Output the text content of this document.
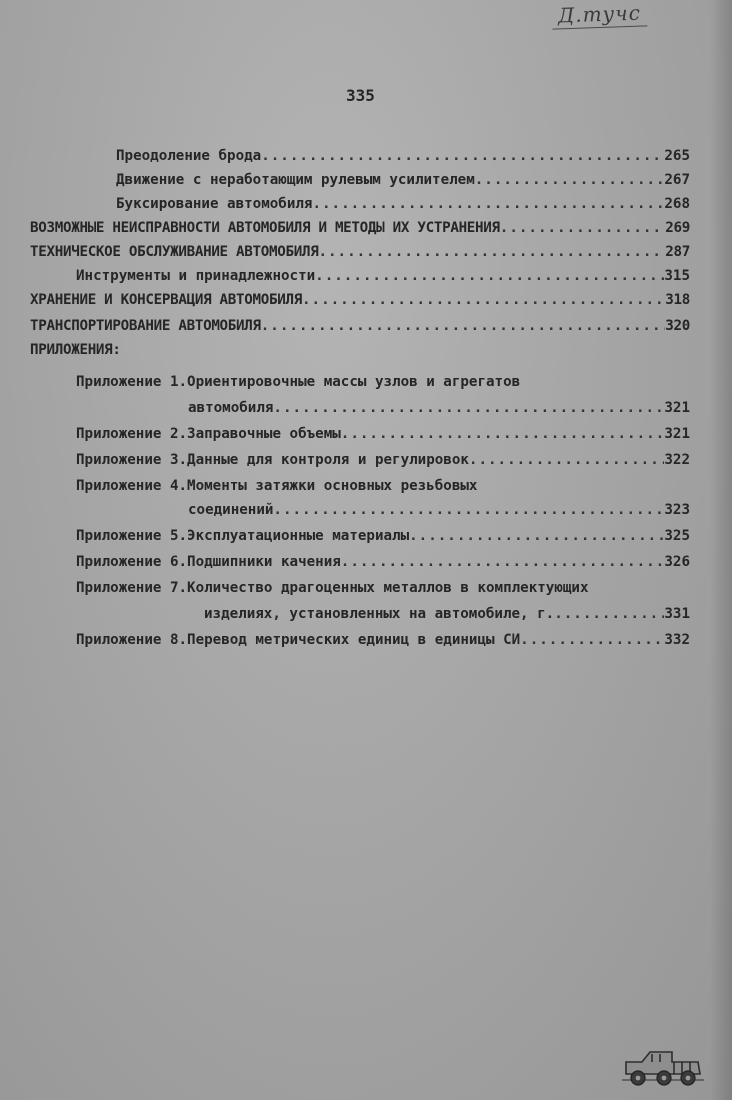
Д.тучс
335
Преодоление брода .....	265
Движение с неработающим рулевым усилителем .....	267
Буксирование автомобиля .....	268
ВОЗМОЖНЫЕ НЕИСПРАВНОСТИ АВТОМОБИЛЯ И МЕТОДЫ ИХ УСТРАНЕНИЯ .....	269
ТЕХНИЧЕСКОЕ ОБСЛУЖИВАНИЕ АВТОМОБИЛЯ .....	287
Инструменты и принадлежности .....	315
ХРАНЕНИЕ И КОНСЕРВАЦИЯ АВТОМОБИЛЯ .....	318
ТРАНСПОРТИРОВАНИЕ АВТОМОБИЛЯ .....	320
ПРИЛОЖЕНИЯ:
Приложение 1.Ориентировочные массы узлов и агрегатов
автомобиля .....	321
Приложение 2.Заправочные объемы .....	321
Приложение 3.Данные для контроля и регулировок .....	322
Приложение 4.Моменты затяжки основных резьбовых
соединений .....	323
Приложение 5.Эксплуатационные материалы .....	325
Приложение 6.Подшипники качения .....	326
Приложение 7.Количество драгоценных металлов в комплектующих
изделиях, установленных на автомобиле, г. .....	331
Приложение 8.Перевод метрических единиц в единицы СИ .....	332
